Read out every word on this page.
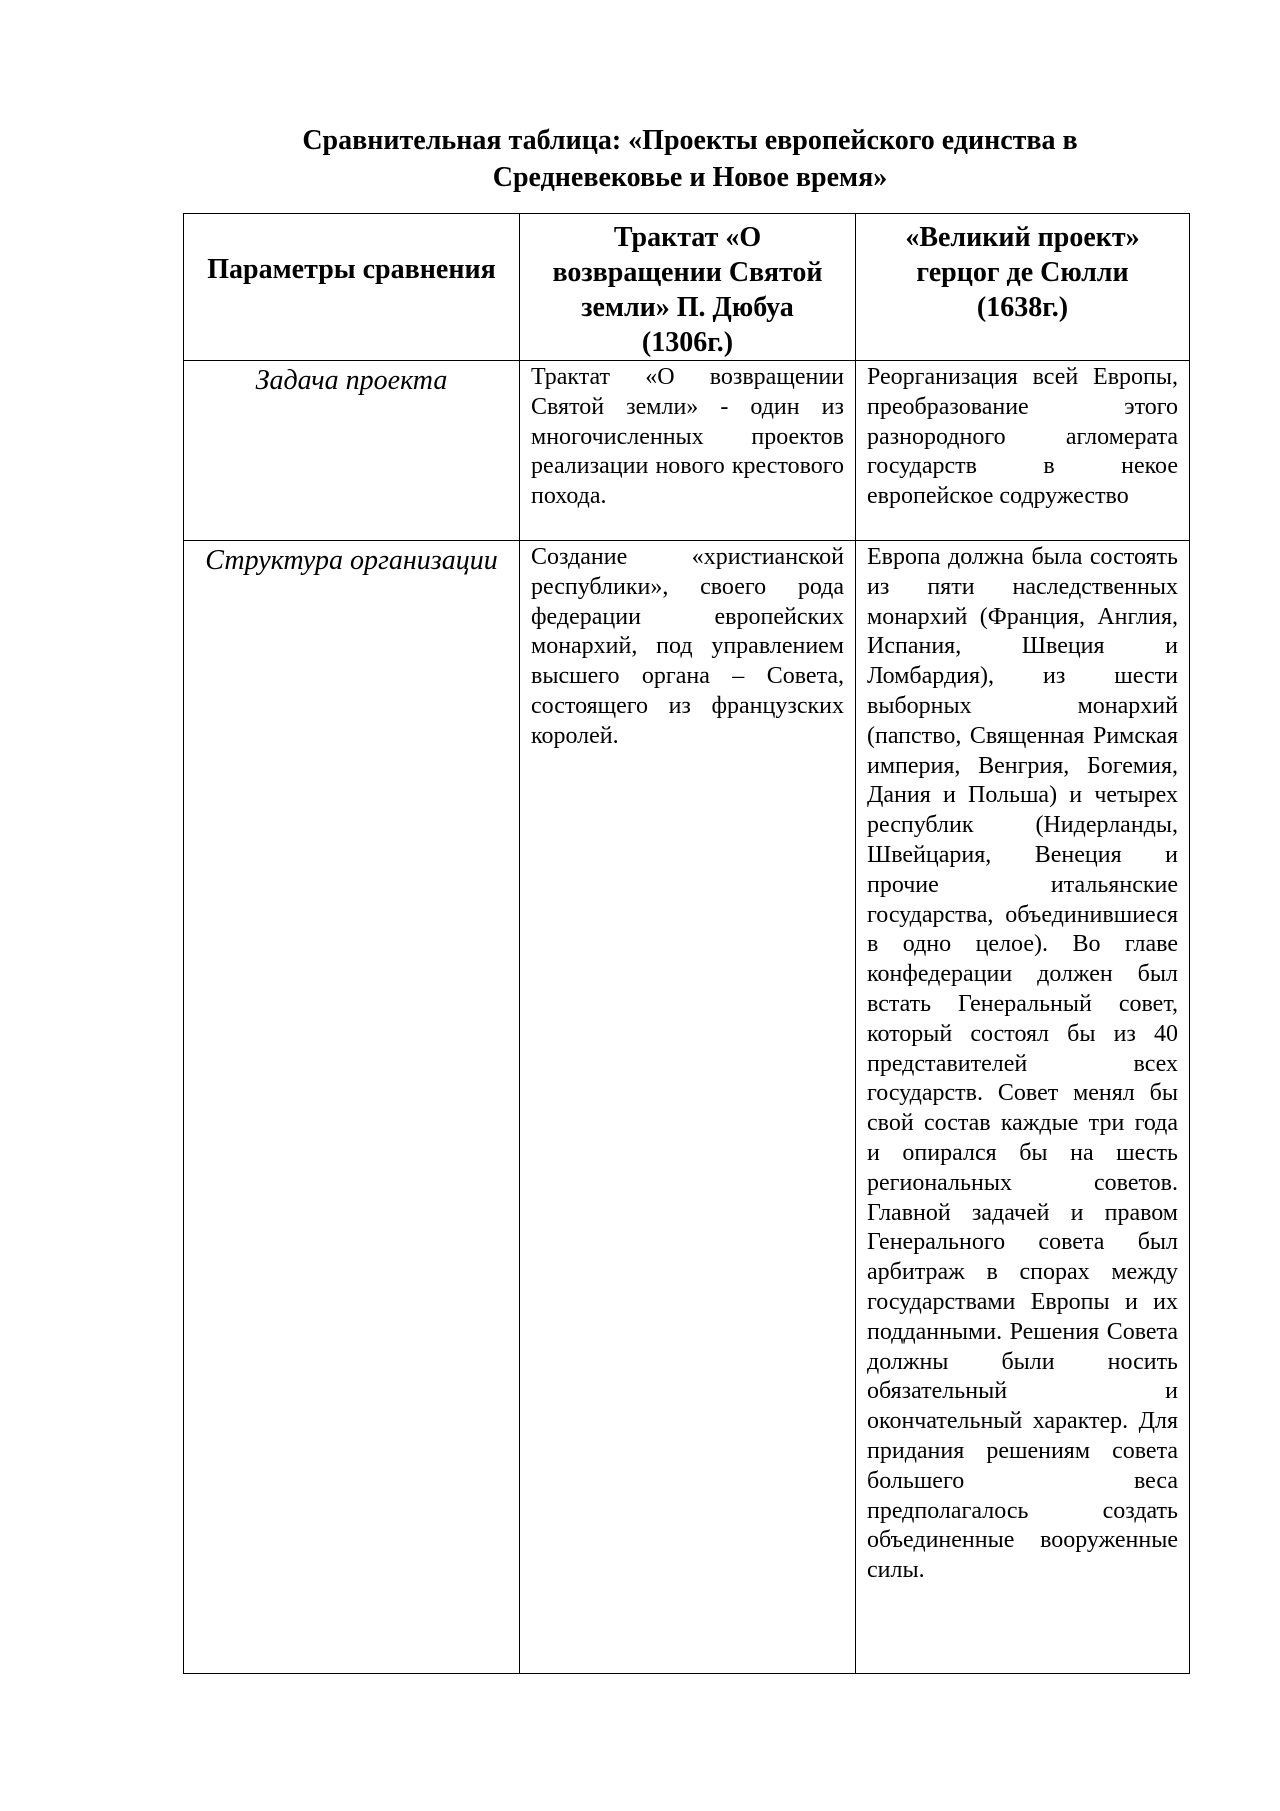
Сравнительная таблица: «Проекты европейского единства в
Средневековье и Новое время»
Параметры сравнения	Трактат «О возвращении Святой земли» П. Дюбуа (1306г.)	«Великий проект» герцог де Сюлли (1638г.)

Задача проекта	Трактат «О возвращении Святой земли» - один из многочисленных проектов реализации нового крестового похода.	Реорганизация всей Европы, преобразование этого разнородного агломерата государств в некое европейское содружество

Структура организации	Создание «христианской республики», своего рода федерации европейских монархий, под управлением высшего органа – Совета, состоящего из французских королей.	Европа должна была состоять из пяти наследственных монархий (Франция, Англия, Испания, Швеция и Ломбардия), из шести выборных монархий (папство, Священная Римская империя, Венгрия, Богемия, Дания и Польша) и четырех республик (Нидерланды, Швейцария, Венеция и прочие итальянские государства, объединившиеся в одно целое). Во главе конфедерации должен был встать Генеральный совет, который состоял бы из 40 представителей всех государств. Совет менял бы свой состав каждые три года и опирался бы на шесть региональных советов. Главной задачей и правом Генерального совета был арбитраж в спорах между государствами Европы и их подданными. Решения Совета должны были носить обязательный и окончательный характер. Для придания решениям совета большего веса предполагалось создать объединенные вооруженные силы.
